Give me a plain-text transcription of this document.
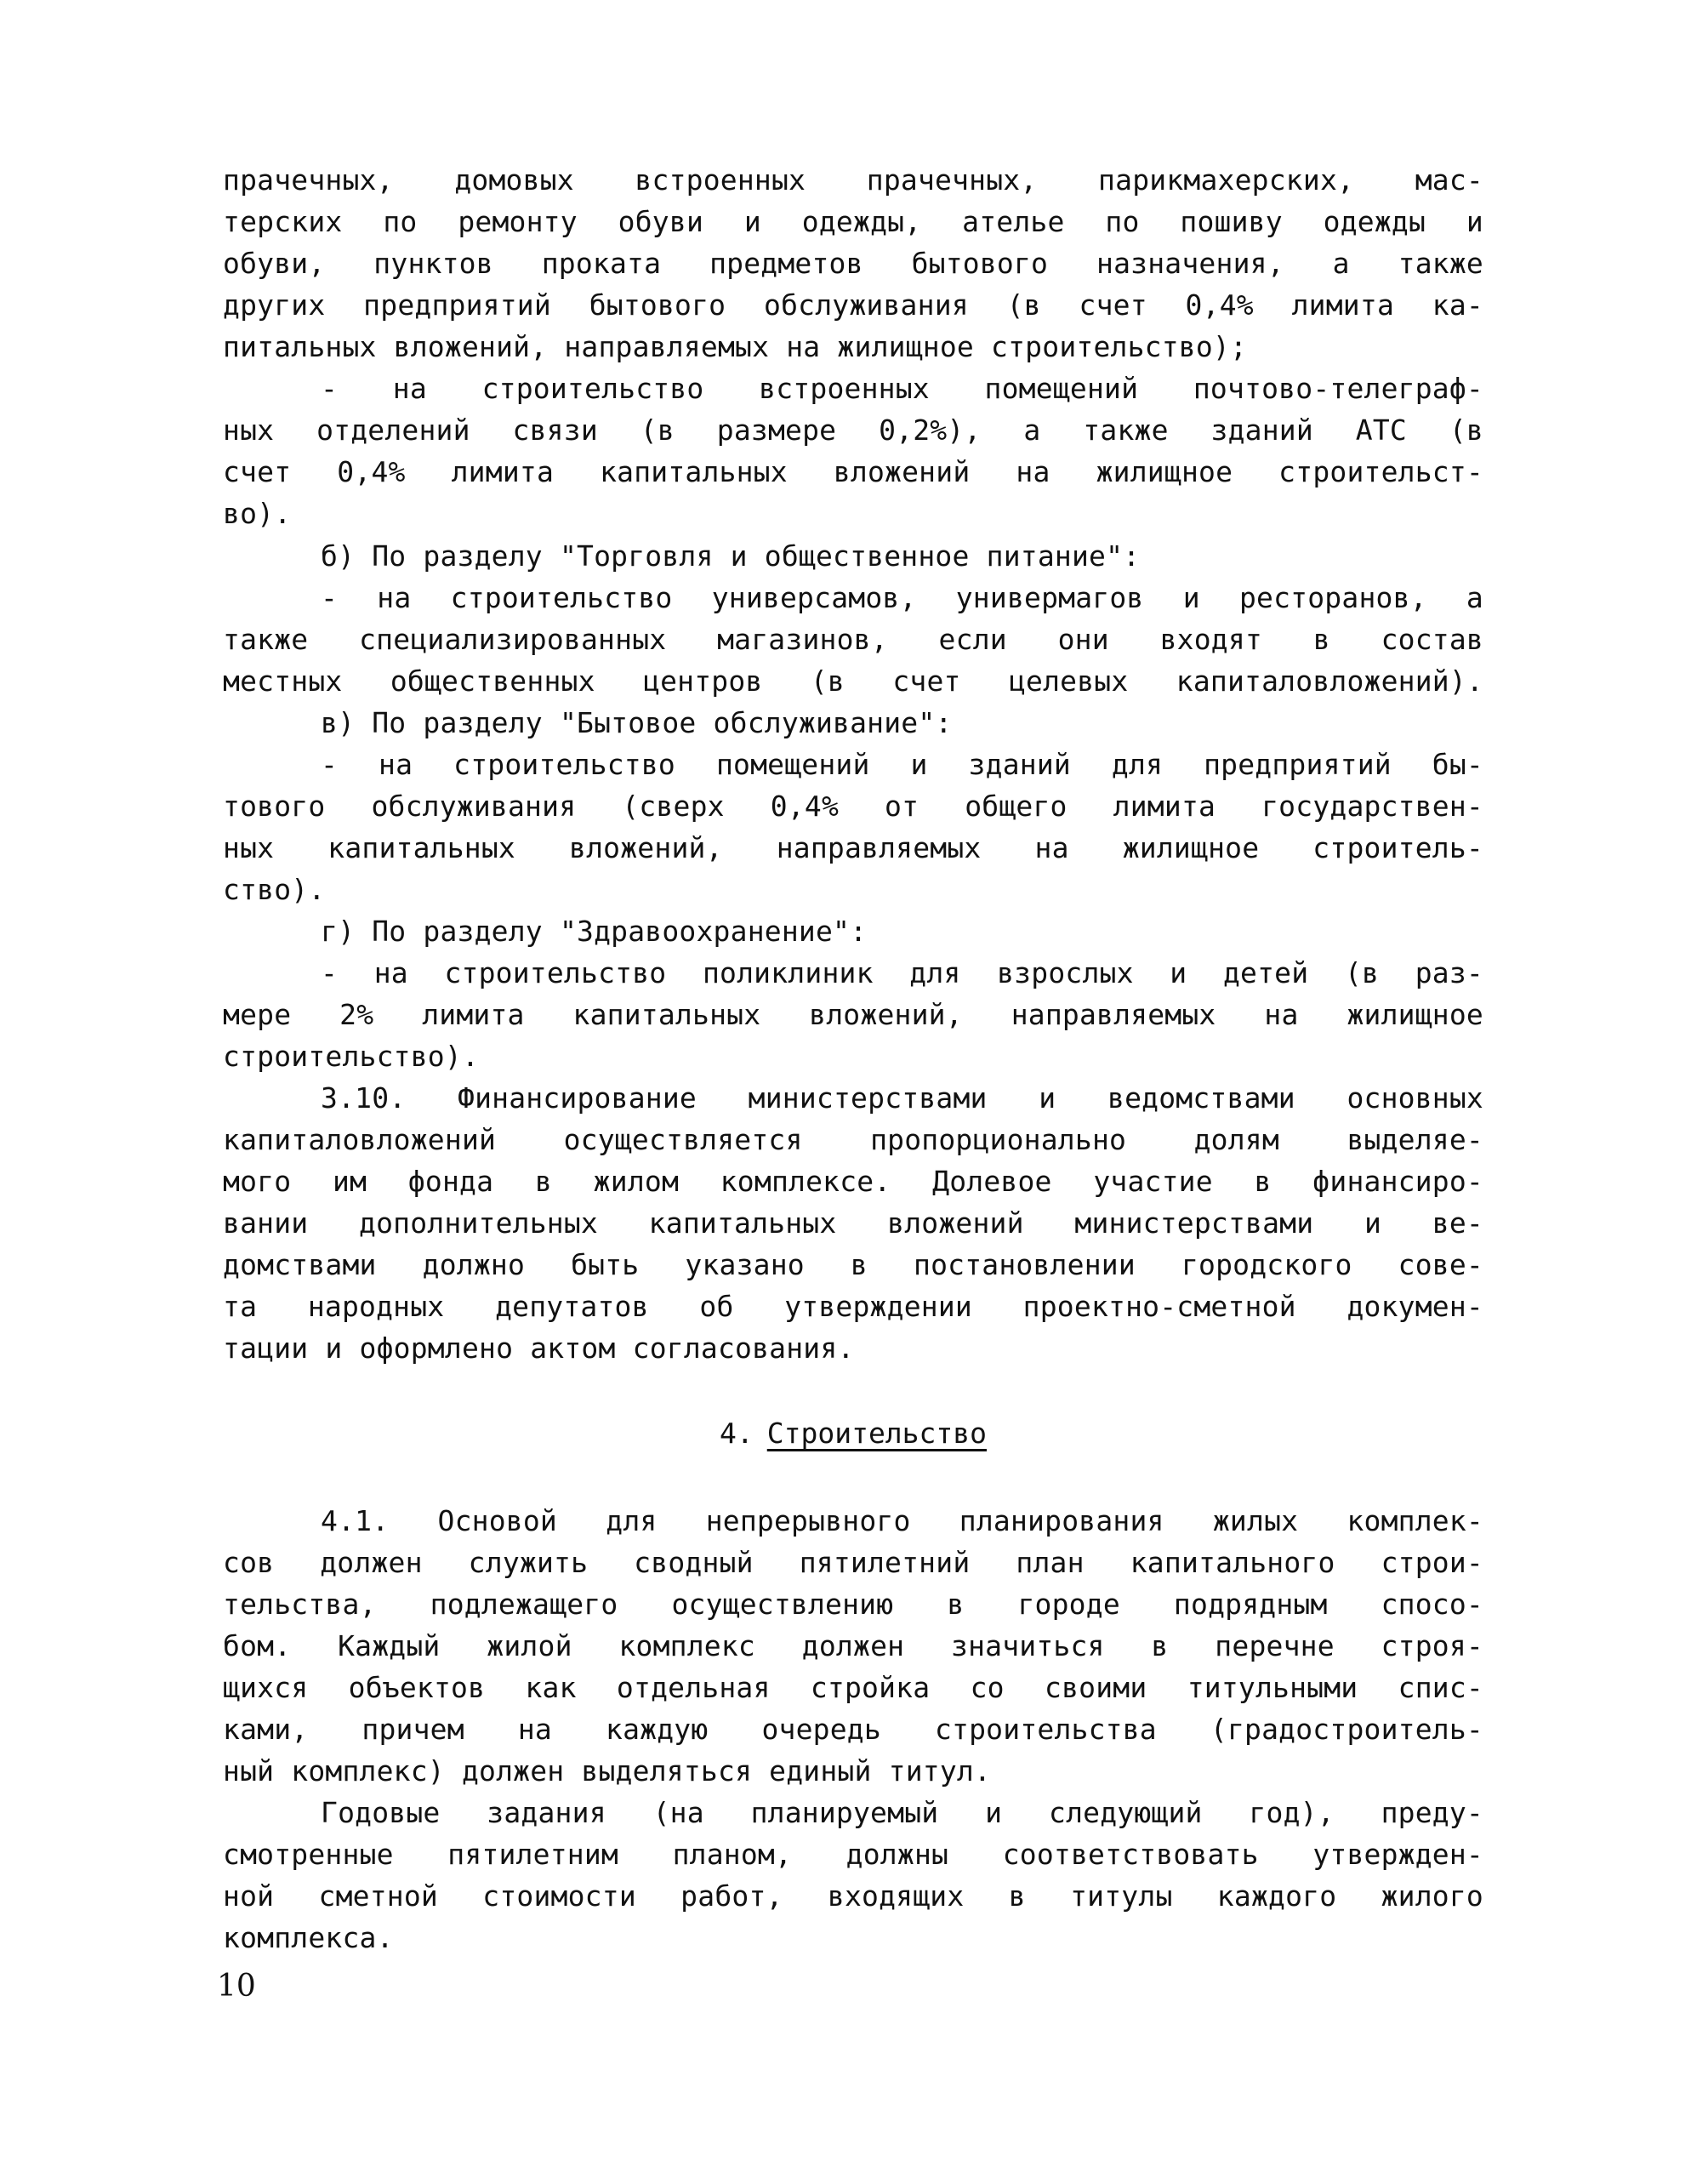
прачечных, домовых встроенных прачечных, парикмахерских, мас-
терских по ремонту обуви и одежды, ателье по пошиву одежды и
обуви, пунктов проката предметов бытового назначения, а также
других предприятий бытового обслуживания (в счет 0,4% лимита ка-
питальных вложений, направляемых на жилищное строительство);
- на строительство встроенных помещений почтово-телеграф-
ных отделений связи (в размере 0,2%), а также зданий АТС (в
счет 0,4% лимита капитальных вложений на жилищное строительст-
во).
б) По разделу "Торговля и общественное питание":
- на строительство универсамов, универмагов и ресторанов, а
также специализированных магазинов, если они входят в состав
местных общественных центров (в счет целевых капиталовложений).
в) По разделу "Бытовое обслуживание":
- на строительство помещений и зданий для предприятий бы-
тового обслуживания (сверх 0,4% от общего лимита государствен-
ных капитальных вложений, направляемых на жилищное строитель-
ство).
г) По разделу "Здравоохранение":
- на строительство поликлиник для взрослых и детей (в раз-
мере 2% лимита капитальных вложений, направляемых на жилищное
строительство).
3.10. Финансирование министерствами и ведомствами основных
капиталовложений осуществляется пропорционально долям выделяе-
мого им фонда в жилом комплексе. Долевое участие в финансиро-
вании дополнительных капитальных вложений министерствами и ве-
домствами должно быть указано в постановлении городского сове-
та народных депутатов об утверждении проектно-сметной докумен-
тации и оформлено актом согласования.
4. Строительство
4.1. Основой для непрерывного планирования жилых комплек-
сов должен служить сводный пятилетний план капитального строи-
тельства, подлежащего осуществлению в городе подрядным спосо-
бом. Каждый жилой комплекс должен значиться в перечне строя-
щихся объектов как отдельная стройка со своими титульными спис-
ками, причем на каждую очередь строительства (градостроитель-
ный комплекс) должен выделяться единый титул.
Годовые задания (на планируемый и следующий год), преду-
смотренные пятилетним планом, должны соответствовать утвержден-
ной сметной стоимости работ, входящих в титулы каждого жилого
комплекса.
10
